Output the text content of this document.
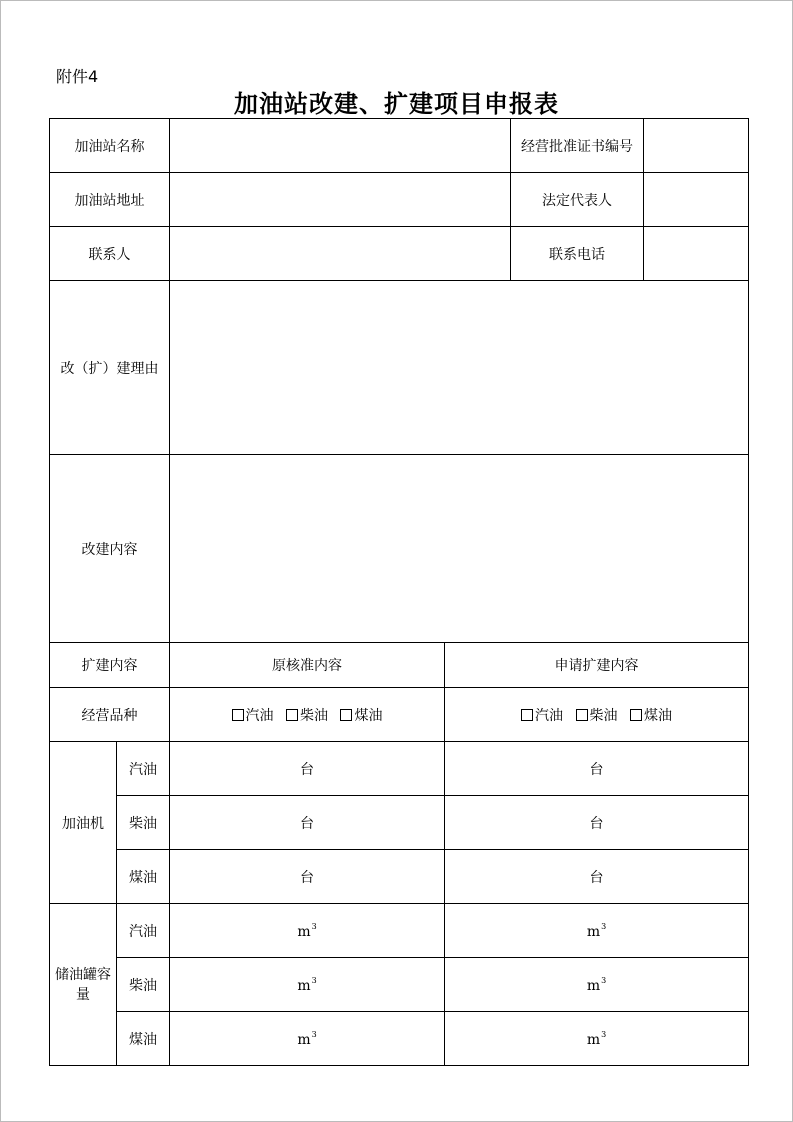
附件4
加油站改建、扩建项目申报表
加油站名称				经营批准证书编号	
加油站地址				法定代表人	
联系人				联系电话	
改（扩）建理由					
改建内容					
扩建内容		原核准内容	申请扩建内容		
经营品种		汽油 柴油 煤油	汽油 柴油 煤油		
加油机	汽油	台	台		
	柴油	台	台		
	煤油	台	台		
储油罐容量	汽油	$m^3$	$m^3$
	柴油	$m^3$	$m^3$
	煤油	$m^3$	$m^3$
